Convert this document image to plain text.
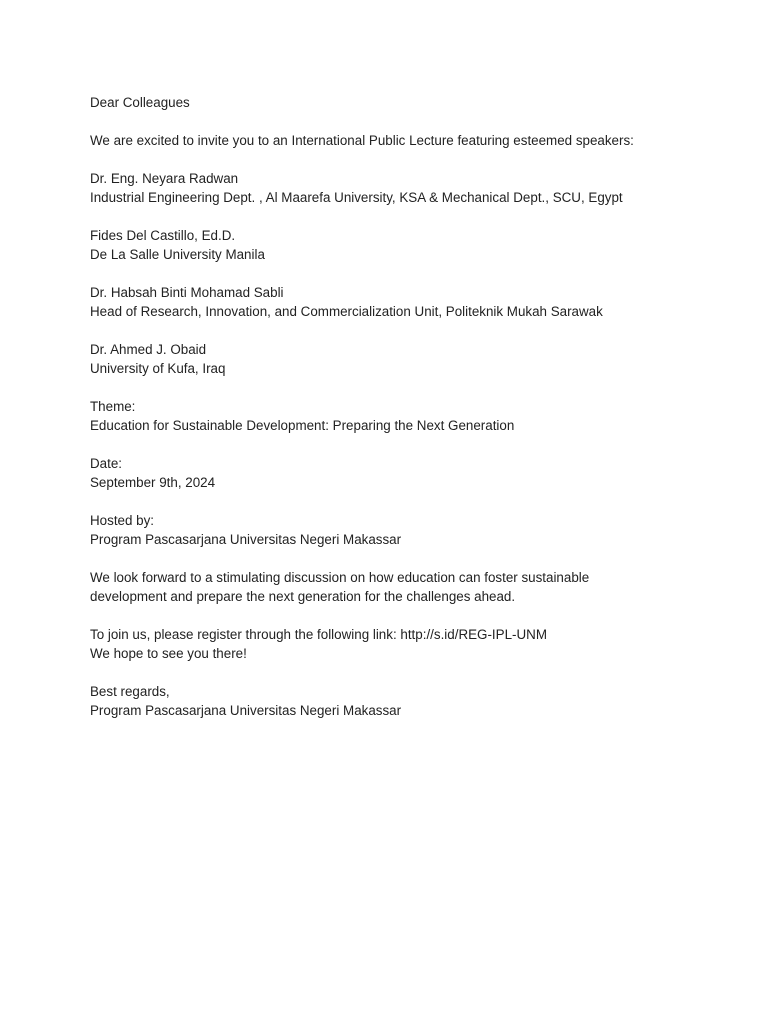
Dear Colleagues

We are excited to invite you to an International Public Lecture featuring esteemed speakers:

Dr. Eng. Neyara Radwan
Industrial Engineering Dept. , Al Maarefa University, KSA & Mechanical Dept., SCU, Egypt

Fides Del Castillo, Ed.D.
De La Salle University Manila

Dr. Habsah Binti Mohamad Sabli
Head of Research, Innovation, and Commercialization Unit, Politeknik Mukah Sarawak

Dr. Ahmed J. Obaid
University of Kufa, Iraq

Theme:
Education for Sustainable Development: Preparing the Next Generation

Date:
September 9th, 2024

Hosted by:
Program Pascasarjana Universitas Negeri Makassar

We look forward to a stimulating discussion on how education can foster sustainable development and prepare the next generation for the challenges ahead.

To join us, please register through the following link: http://s.id/REG-IPL-UNM
We hope to see you there!

Best regards,
Program Pascasarjana Universitas Negeri Makassar
